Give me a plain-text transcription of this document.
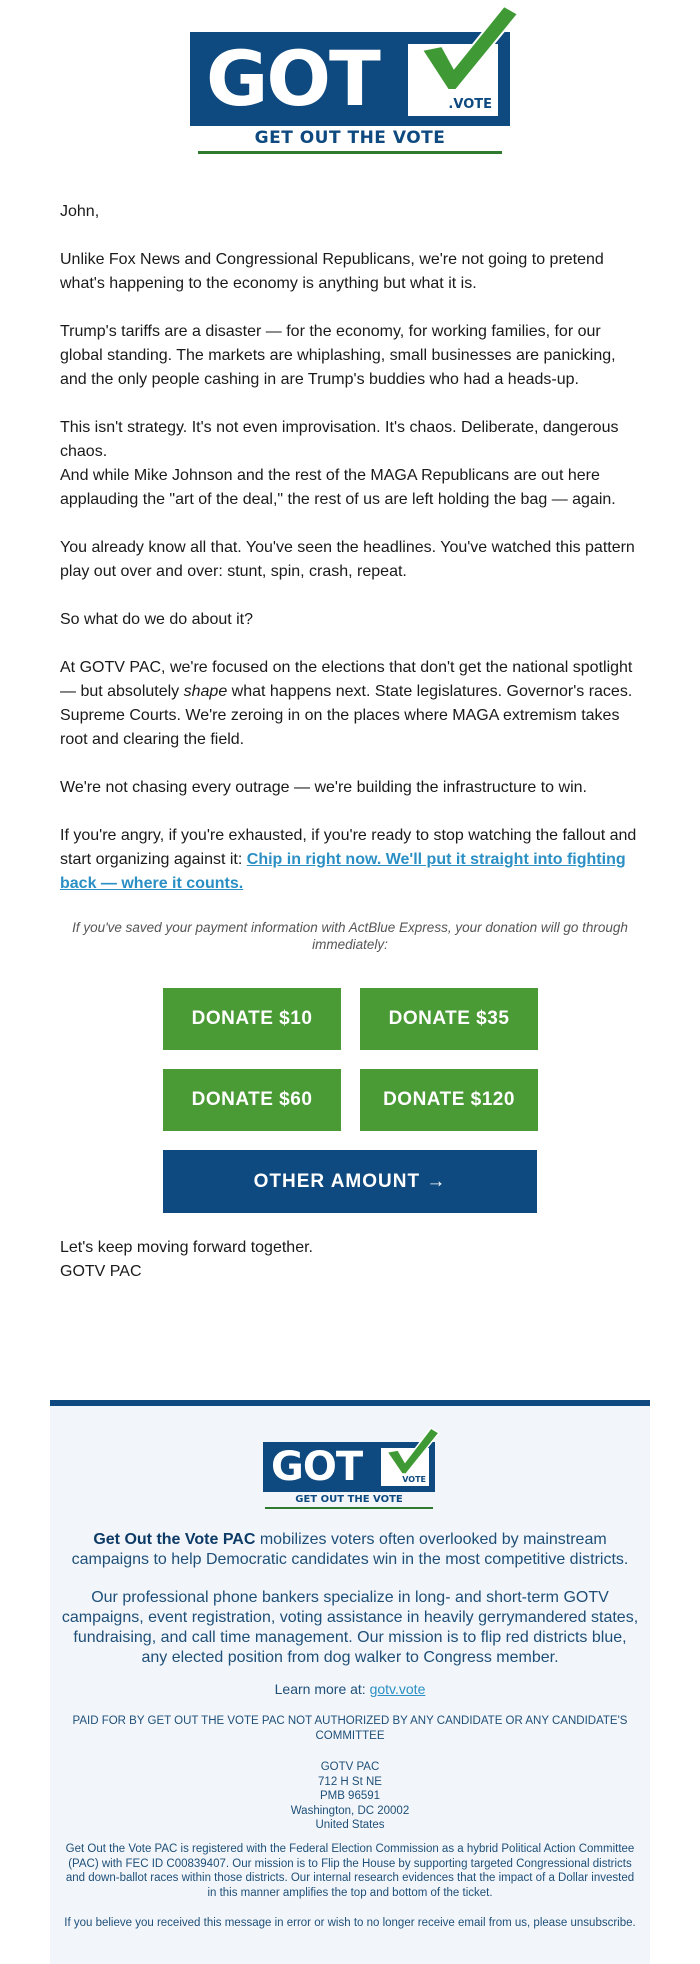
GOT	.VOTE
GET OUT THE VOTE

John,

Unlike Fox News and Congressional Republicans, we're not going to pretend what's happening to the economy is anything but what it is.

Trump's tariffs are a disaster — for the economy, for working families, for our global standing. The markets are whiplashing, small businesses are panicking, and the only people cashing in are Trump's buddies who had a heads-up.

This isn't strategy. It's not even improvisation. It's chaos. Deliberate, dangerous chaos.

And while Mike Johnson and the rest of the MAGA Republicans are out here applauding the "art of the deal," the rest of us are left holding the bag — again.

You already know all that. You've seen the headlines. You've watched this pattern play out over and over: stunt, spin, crash, repeat.

So what do we do about it?

At GOTV PAC, we're focused on the elections that don't get the national spotlight — but absolutely shape what happens next. State legislatures. Governor's races. Supreme Courts. We're zeroing in on the places where MAGA extremism takes root and clearing the field.

We're not chasing every outrage — we're building the infrastructure to win.

If you're angry, if you're exhausted, if you're ready to stop watching the fallout and start organizing against it: Chip in right now. We'll put it straight into fighting back — where it counts.

If you've saved your payment information with ActBlue Express, your donation will go through immediately:
DONATE $10	DONATE $35
DONATE $60	DONATE $120
OTHER AMOUNT →
Let's keep moving forward together.
GOTV PAC
GOT	VOTE
GET OUT THE VOTE
Get Out the Vote PAC mobilizes voters often overlooked by mainstream campaigns to help Democratic candidates win in the most competitive districts.
Our professional phone bankers specialize in long- and short-term GOTV campaigns, event registration, voting assistance in heavily gerrymandered states, fundraising, and call time management. Our mission is to flip red districts blue, any elected position from dog walker to Congress member.
Learn more at: gotv.vote
PAID FOR BY GET OUT THE VOTE PAC NOT AUTHORIZED BY ANY CANDIDATE OR ANY CANDIDATE'S COMMITTEE
GOTV PAC
712 H St NE
PMB 96591
Washington, DC 20002
United States
Get Out the Vote PAC is registered with the Federal Election Commission as a hybrid Political Action Committee (PAC) with FEC ID C00839407. Our mission is to Flip the House by supporting targeted Congressional districts and down-ballot races within those districts. Our internal research evidences that the impact of a Dollar invested in this manner amplifies the top and bottom of the ticket.
If you believe you received this message in error or wish to no longer receive email from us, please unsubscribe.
